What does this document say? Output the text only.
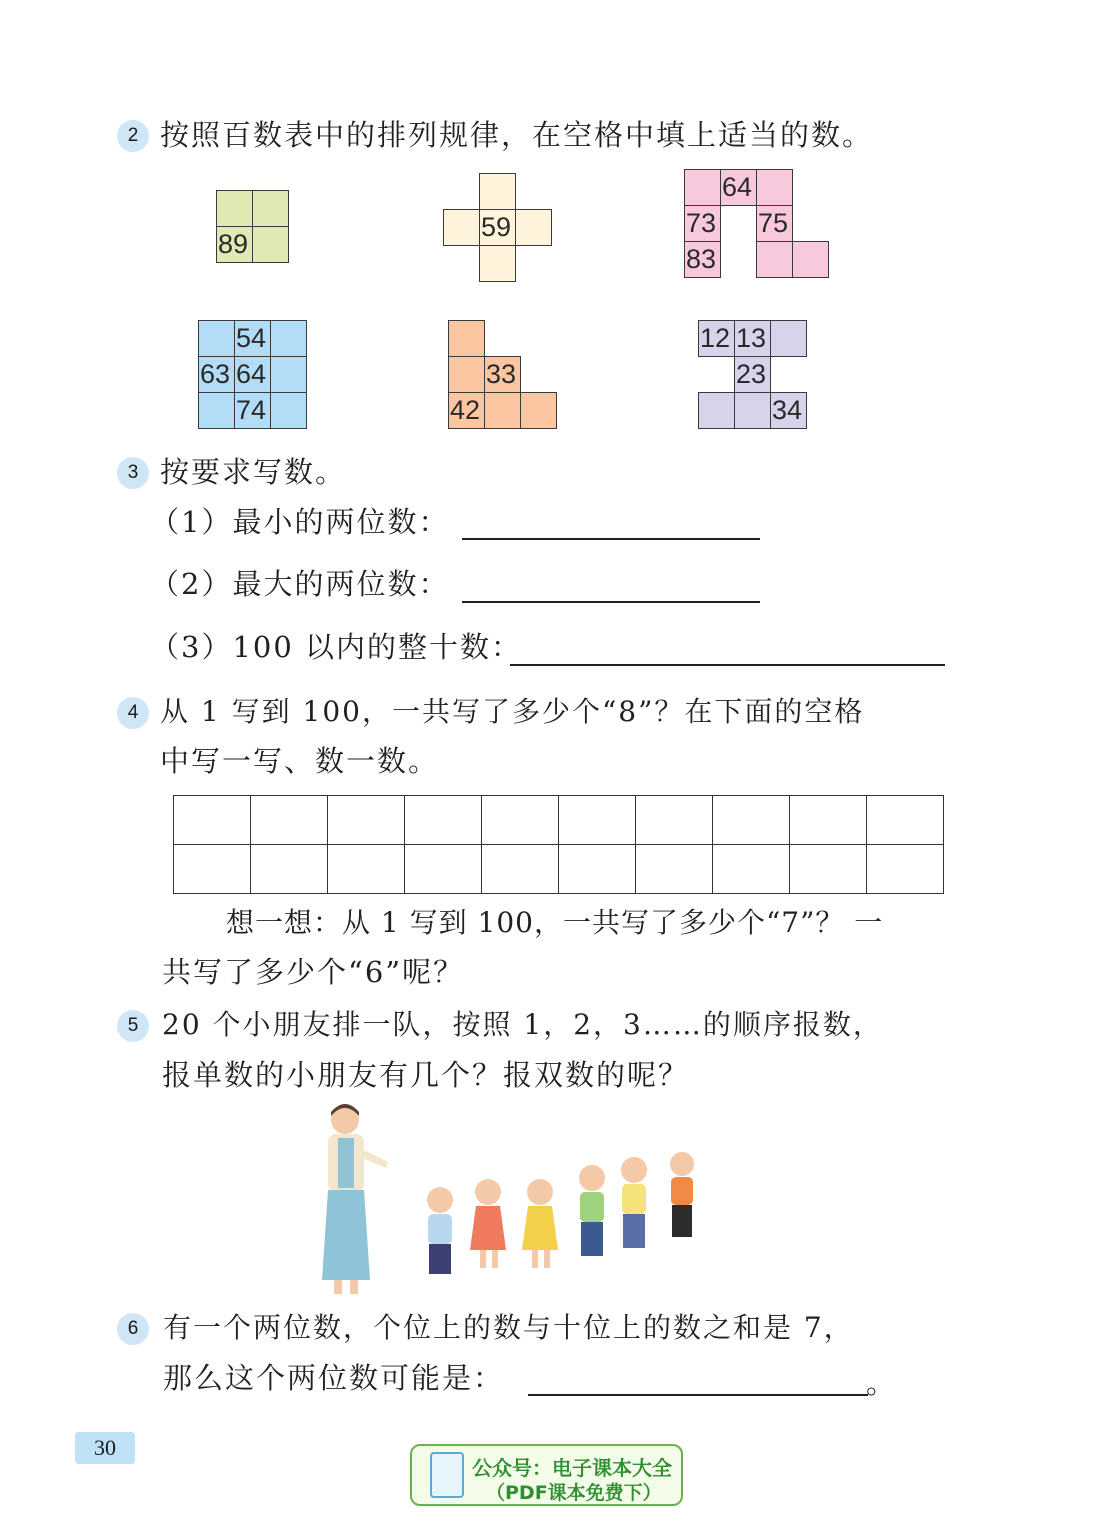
2 按照百数表中的排列规律，在空格中填上适当的数。
89
59
64
73 75
83
54
63 64
74
33
42
12 13
23
34
3 按要求写数。
（1）最小的两位数：
（2）最大的两位数：
（3）100 以内的整十数：
4 从 1 写到 100，一共写了多少个“8”？在下面的空格
中写一写、数一数。

想一想：从 1 写到 100，一共写了多少个“7”？ 一
共写了多少个“6”呢？
5 20 个小朋友排一队，按照 1，2，3……的顺序报数，
报单数的小朋友有几个？报双数的呢？
6 有一个两位数，个位上的数与十位上的数之和是 7，
那么这个两位数可能是：	。
30
公众号：电子课本大全
（PDF课本免费下）
